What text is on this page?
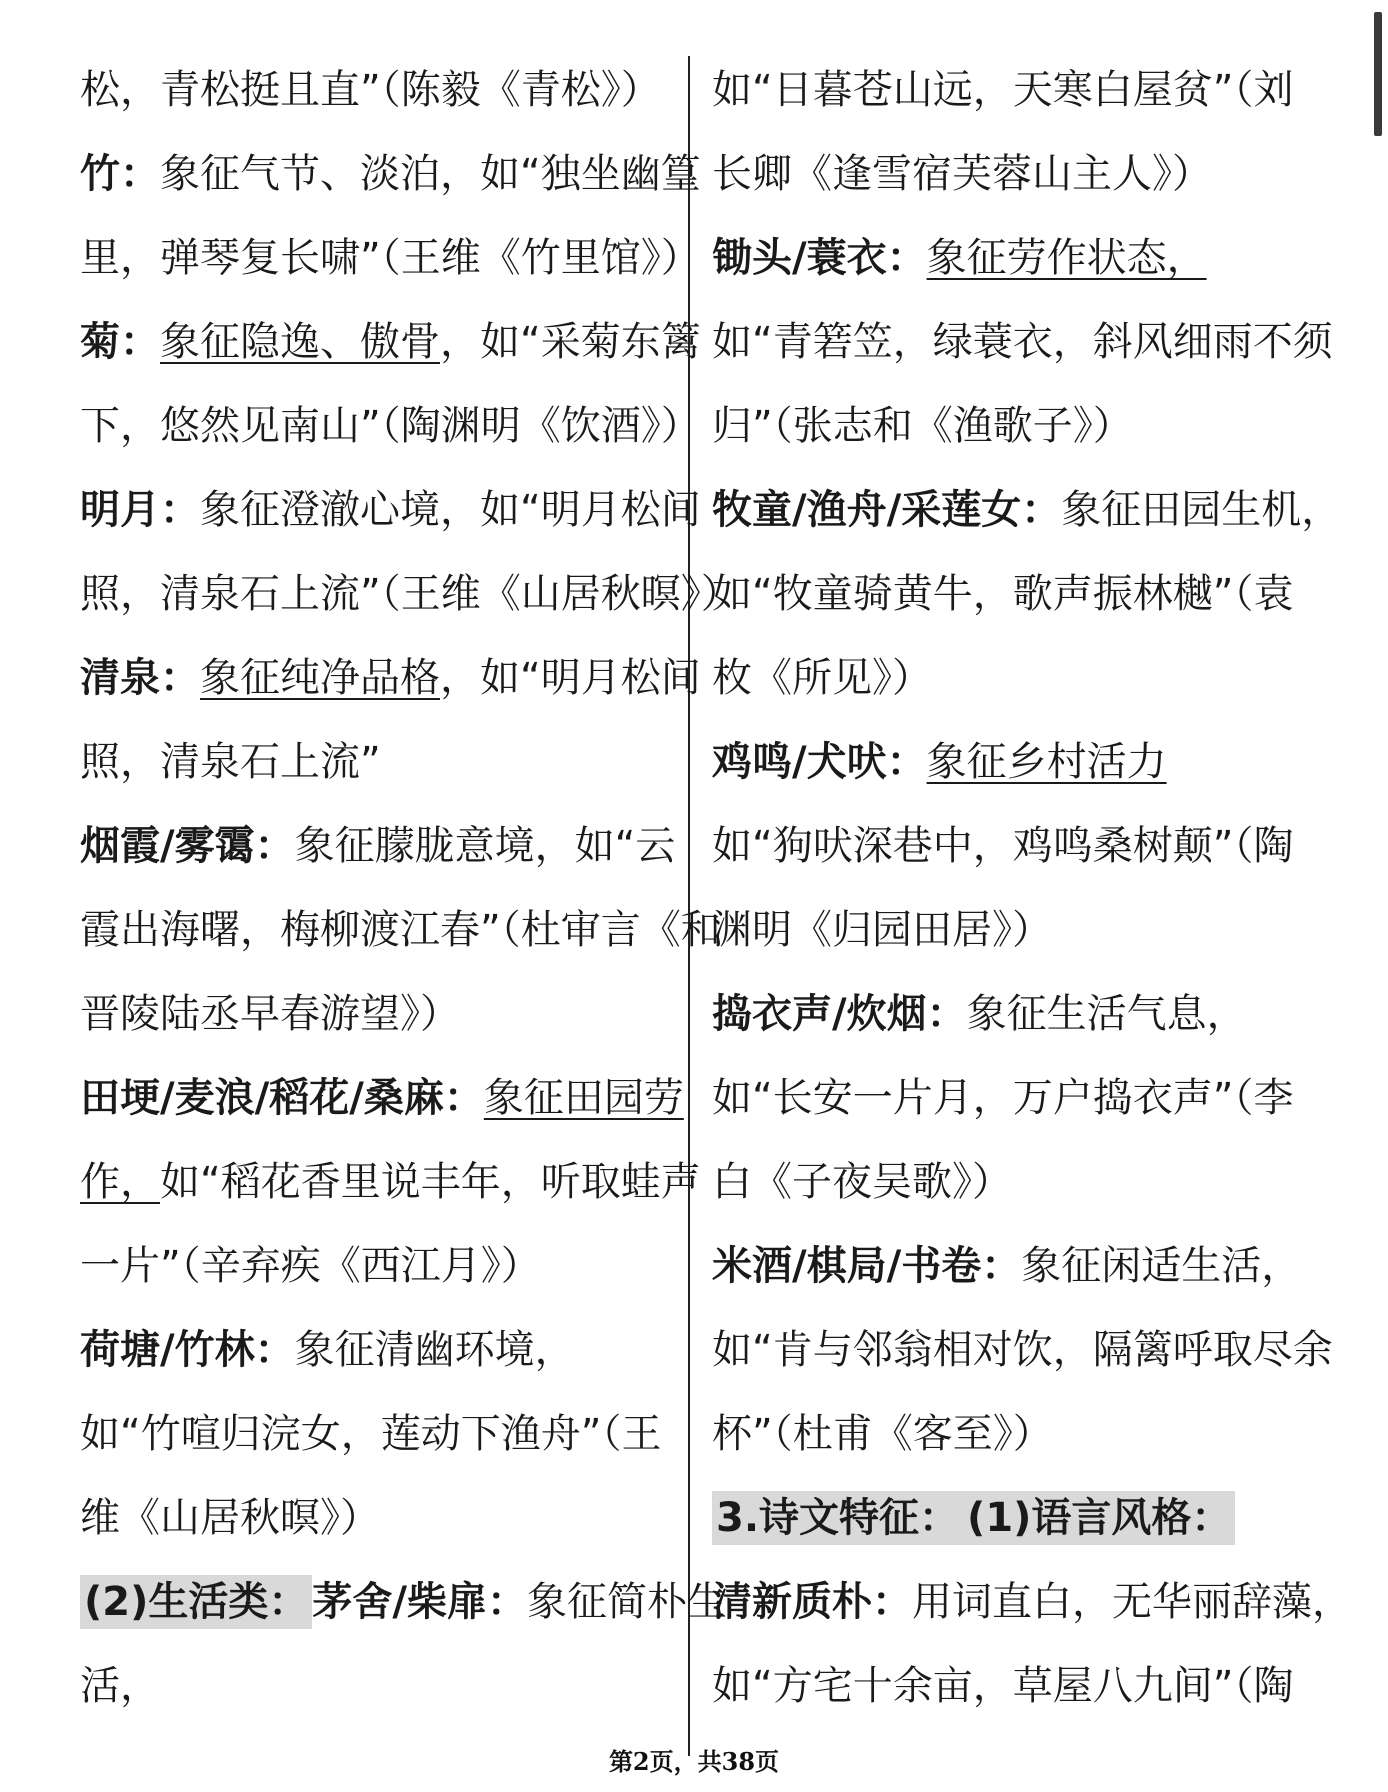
松，青松挺且直”（陈毅《青松》）
竹：象征气节、淡泊，如“独坐幽篁
里，弹琴复长啸”（王维《竹里馆》）
菊：象征隐逸、傲骨，如“采菊东篱
下，悠然见南山”（陶渊明《饮酒》）
明月：象征澄澈心境，如“明月松间
照，清泉石上流”（王维《山居秋暝》）
清泉：象征纯净品格，如“明月松间
照，清泉石上流”
烟霞/雾霭：象征朦胧意境，如“云
霞出海曙，梅柳渡江春”（杜审言《和
晋陵陆丞早春游望》）
田埂/麦浪/稻花/桑麻：象征田园劳
作，如“稻花香里说丰年，听取蛙声
一片”（辛弃疾《西江月》）
荷塘/竹林：象征清幽环境，
如“竹喧归浣女，莲动下渔舟”（王
维《山居秋暝》）
(2)生活类： 茅舍/柴扉：象征简朴生
活，
如“日暮苍山远，天寒白屋贫”（刘
长卿《逢雪宿芙蓉山主人》）
锄头/蓑衣：象征劳作状态，
如“青箬笠，绿蓑衣，斜风细雨不须
归”（张志和《渔歌子》）
牧童/渔舟/采莲女：象征田园生机，
如“牧童骑黄牛，歌声振林樾”（袁
枚《所见》）
鸡鸣/犬吠：象征乡村活力
如“狗吠深巷中，鸡鸣桑树颠”（陶
渊明《归园田居》）
捣衣声/炊烟：象征生活气息，
如“长安一片月，万户捣衣声”（李
白《子夜吴歌》）
米酒/棋局/书卷：象征闲适生活，
如“肯与邻翁相对饮，隔篱呼取尽余
杯”（杜甫《客至》）
3.诗文特征： (1)语言风格：
清新质朴：用词直白，无华丽辞藻，
如“方宅十余亩，草屋八九间”（陶
第2页，共38页
